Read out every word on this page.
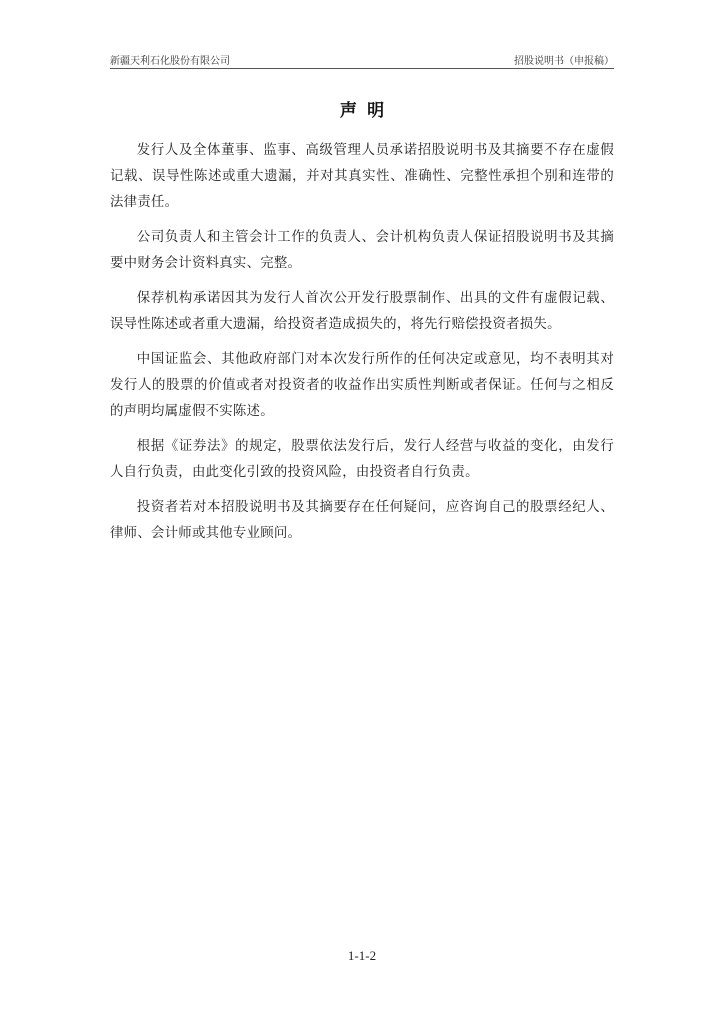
新疆天利石化股份有限公司	招股说明书（申报稿）
声明

发行人及全体董事、监事、高级管理人员承诺招股说明书及其摘要不存在虚假记载、误导性陈述或重大遗漏，并对其真实性、准确性、完整性承担个别和连带的法律责任。

公司负责人和主管会计工作的负责人、会计机构负责人保证招股说明书及其摘要中财务会计资料真实、完整。

保荐机构承诺因其为发行人首次公开发行股票制作、出具的文件有虚假记载、误导性陈述或者重大遗漏，给投资者造成损失的，将先行赔偿投资者损失。

中国证监会、其他政府部门对本次发行所作的任何决定或意见，均不表明其对发行人的股票的价值或者对投资者的收益作出实质性判断或者保证。任何与之相反的声明均属虚假不实陈述。

根据《证券法》的规定，股票依法发行后，发行人经营与收益的变化，由发行人自行负责，由此变化引致的投资风险，由投资者自行负责。

投资者若对本招股说明书及其摘要存在任何疑问，应咨询自己的股票经纪人、律师、会计师或其他专业顾问。

1-1-2
